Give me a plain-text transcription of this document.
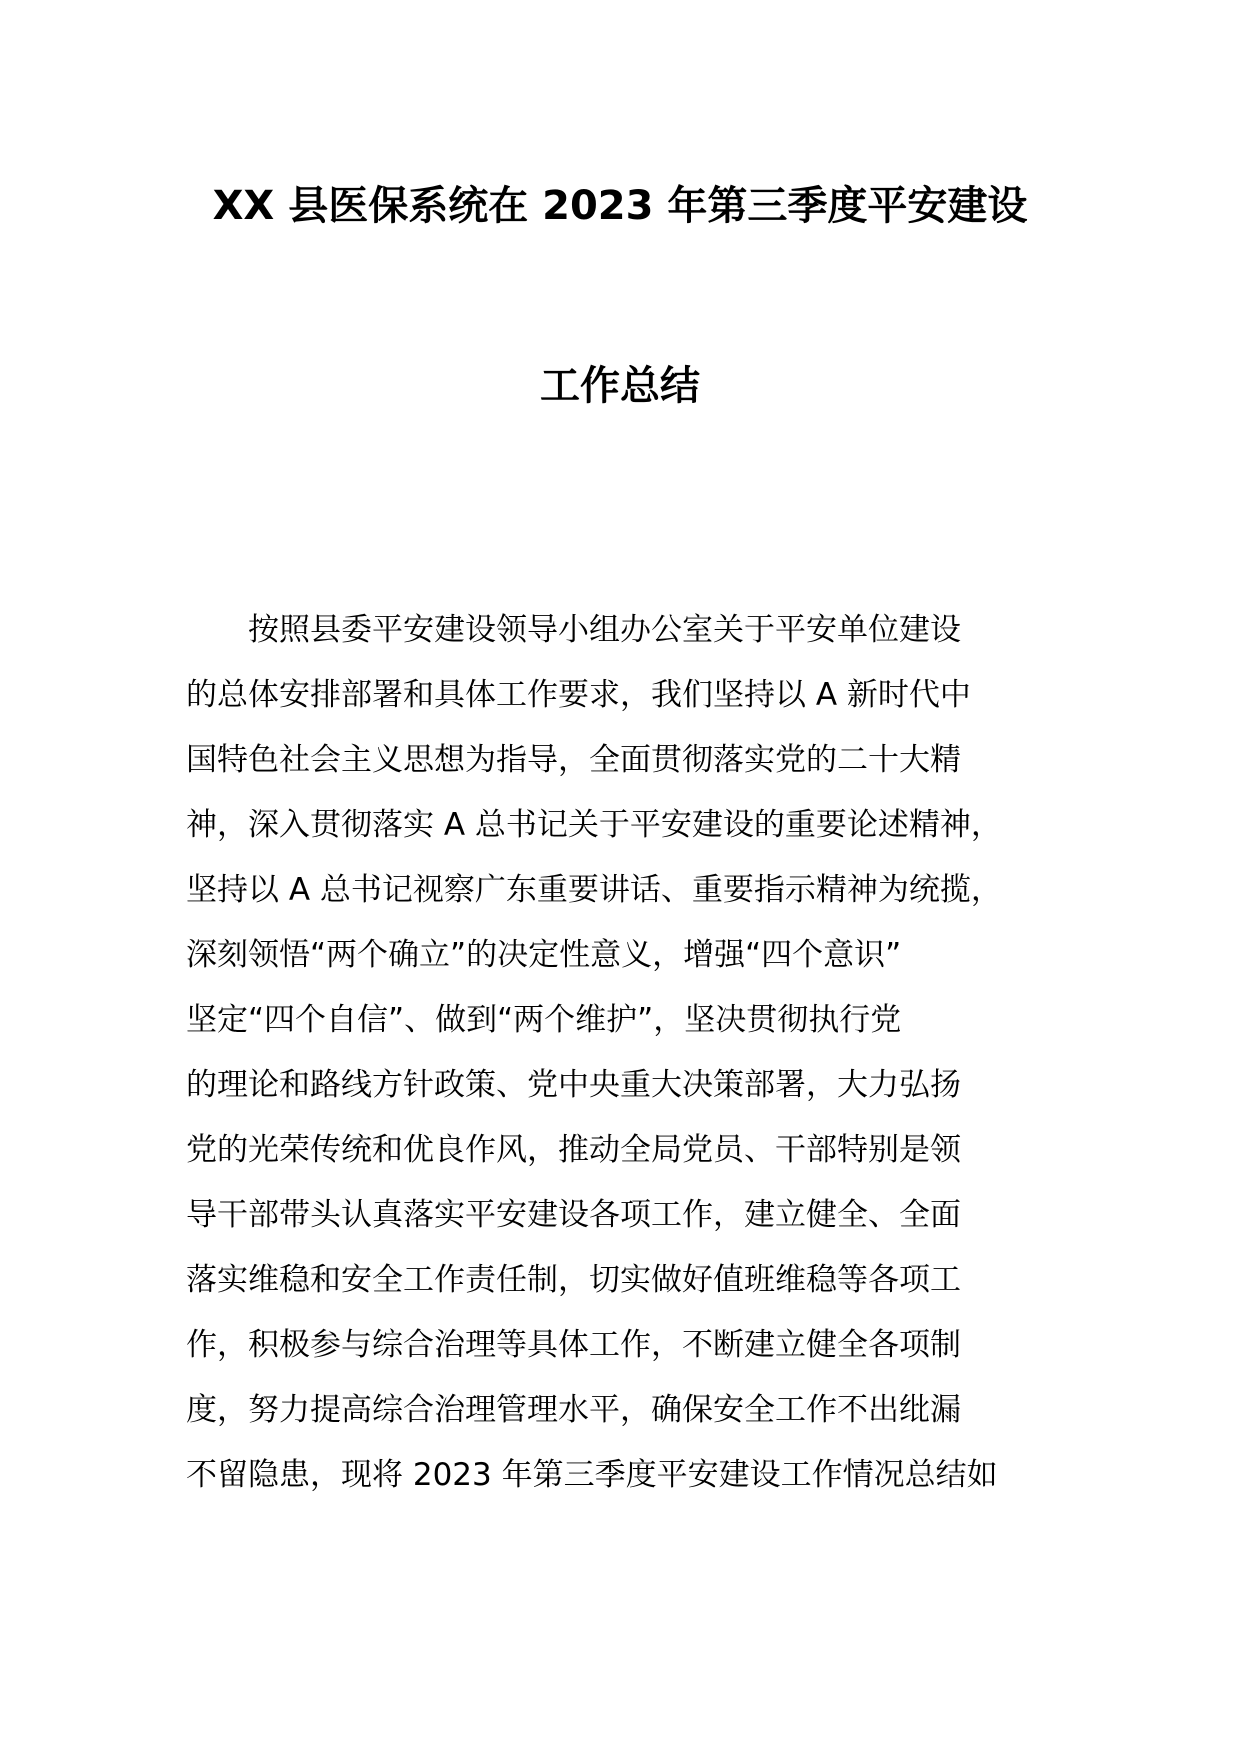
XX 县医保系统在 2023 年第三季度平安建设
工作总结
　　按照县委平安建设领导小组办公室关于平安单位建设
的总体安排部署和具体工作要求，我们坚持以 A 新时代中
国特色社会主义思想为指导，全面贯彻落实党的二十大精
神，深入贯彻落实 A 总书记关于平安建设的重要论述精神，
坚持以 A 总书记视察广东重要讲话、重要指示精神为统揽，
深刻领悟“两个确立”的决定性意义，增强“四个意识”
坚定“四个自信”、做到“两个维护”，坚决贯彻执行党
的理论和路线方针政策、党中央重大决策部署，大力弘扬
党的光荣传统和优良作风，推动全局党员、干部特别是领
导干部带头认真落实平安建设各项工作，建立健全、全面
落实维稳和安全工作责任制，切实做好值班维稳等各项工
作，积极参与综合治理等具体工作，不断建立健全各项制
度，努力提高综合治理管理水平，确保安全工作不出纰漏
不留隐患，现将 2023 年第三季度平安建设工作情况总结如
